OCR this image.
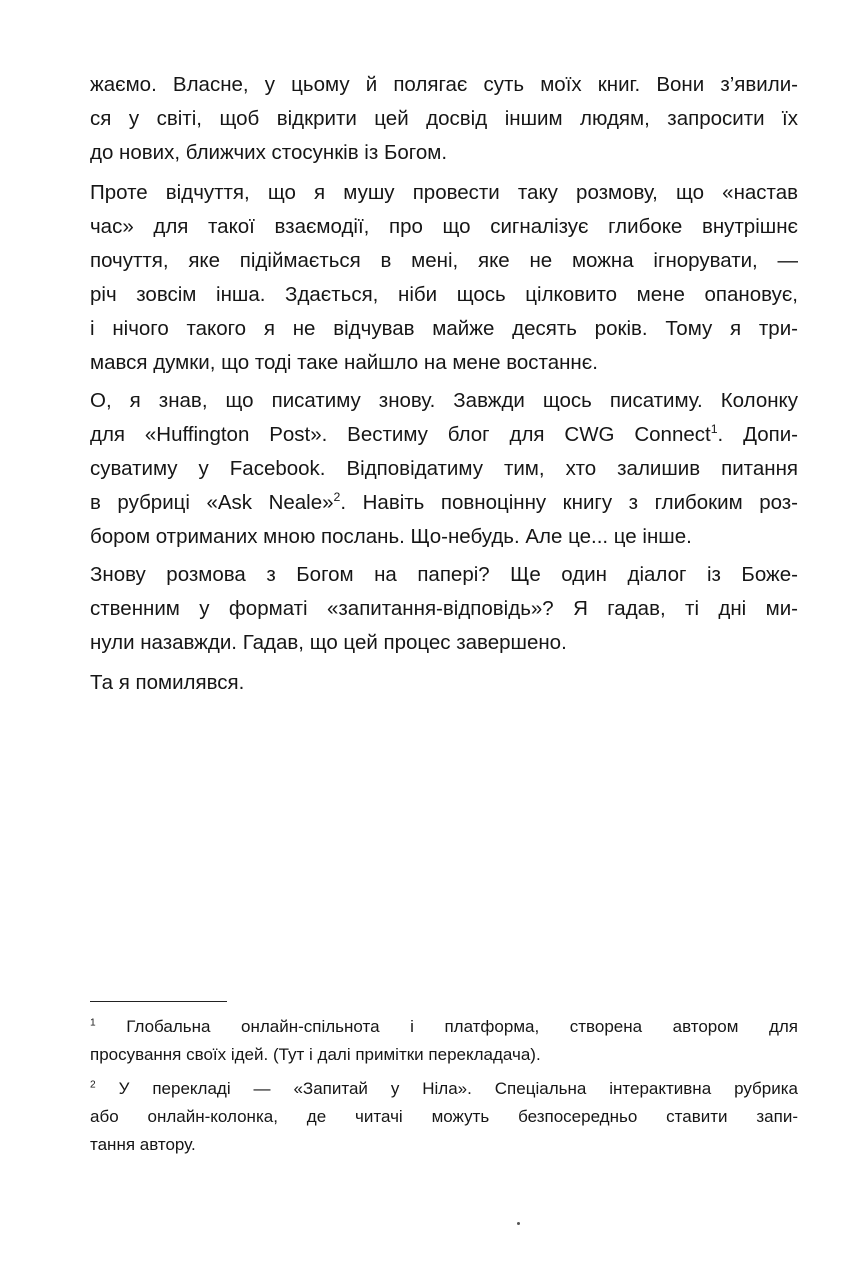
жаємо. Власне, у цьому й полягає суть моїх книг. Вони з’явили-
ся у світі, щоб відкрити цей досвід іншим людям, запросити їх
до нових, ближчих стосунків із Богом.
Проте відчуття, що я мушу провести таку розмову, що «настав
час» для такої взаємодії, про що сигналізує глибоке внутрішнє
почуття, яке підіймається в мені, яке не можна ігнорувати, —
річ зовсім інша. Здається, ніби щось цілковито мене опановує,
і нічого такого я не відчував майже десять років. Тому я три-
мався думки, що тоді таке найшло на мене востаннє.
О, я знав, що писатиму знову. Завжди щось писатиму. Колонку
для «Huffington Post». Вестиму блог для CWG Connect$^1$. Допи-
суватиму у Facebook. Відповідатиму тим, хто залишив питання
в рубриці «Ask Neale»$^2$. Навіть повноцінну книгу з глибоким роз-
бором отриманих мною послань. Що-небудь. Але це... це інше.
Знову розмова з Богом на папері? Ще один діалог із Боже-
ственним у форматі «запитання-відповідь»? Я гадав, ті дні ми-
нули назавжди. Гадав, що цей процес завершено.
Та я помилявся.
$^1$ Глобальна онлайн-спільнота і платформа, створена автором для
просування своїх ідей. (Тут і далі примітки перекладача).
$^2$ У перекладі — «Запитай у Ніла». Спеціальна інтерактивна рубрика
або онлайн-колонка, де читачі можуть безпосередньо ставити запи-
тання автору.
